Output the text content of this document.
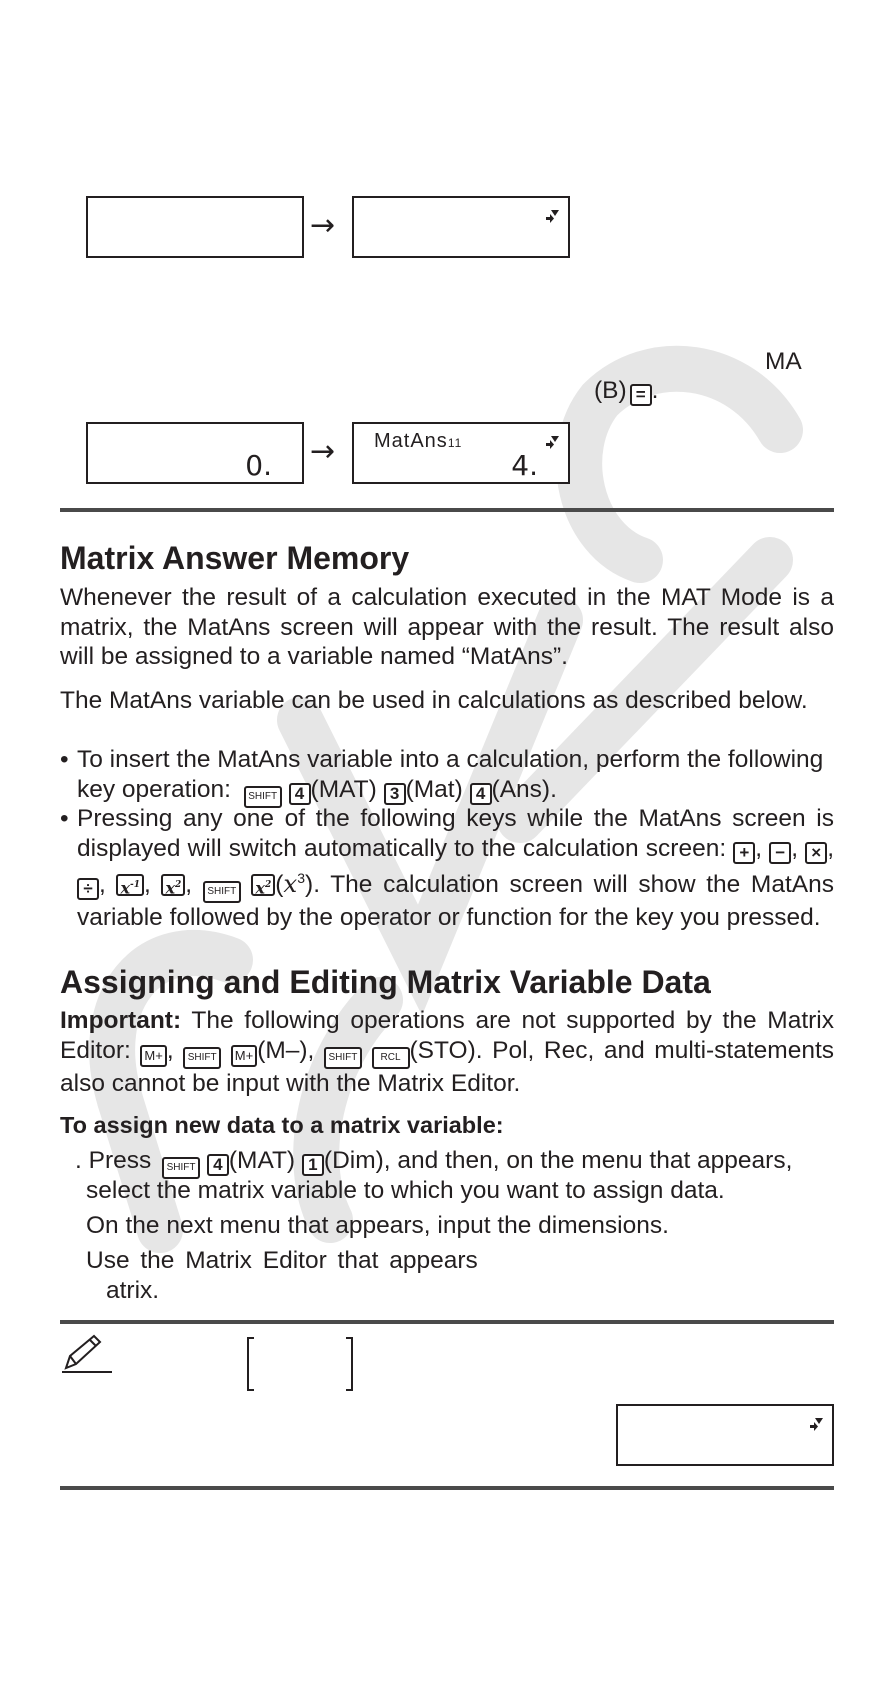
→
MA
(B) = .
0. → MatAns11
4.
Matrix Answer Memory
Whenever the result of a calculation executed in the MAT Mode is a matrix, the MatAns screen will appear with the result. The result also will be assigned to a variable named “MatAns”.
The MatAns variable can be used in calculations as described below.
• To insert the MatAns variable into a calculation, perform the following key operation: SHIFT 4 (MAT) 3 (Mat) 4 (Ans).
• Pressing any one of the following keys while the MatAns screen is displayed will switch automatically to the calculation screen: + , − , × , ÷ , $x^{-1}$ , $x^2$ , SHIFT $x^2$ $(x^3)$. The calculation screen will show the MatAns variable followed by the operator or function for the key you pressed.
Assigning and Editing Matrix Variable Data
Important: The following operations are not supported by the Matrix Editor: M+ , SHIFT M+ (M–), SHIFT RCL (STO). Pol, Rec, and multi-statements also cannot be input with the Matrix Editor.
To assign new data to a matrix variable:
. Press SHIFT 4 (MAT) 1 (Dim), and then, on the menu that appears,
select the matrix variable to which you want to assign data.
On the next menu that appears, input the dimensions.
Use the Matrix Editor that appears
atrix.
